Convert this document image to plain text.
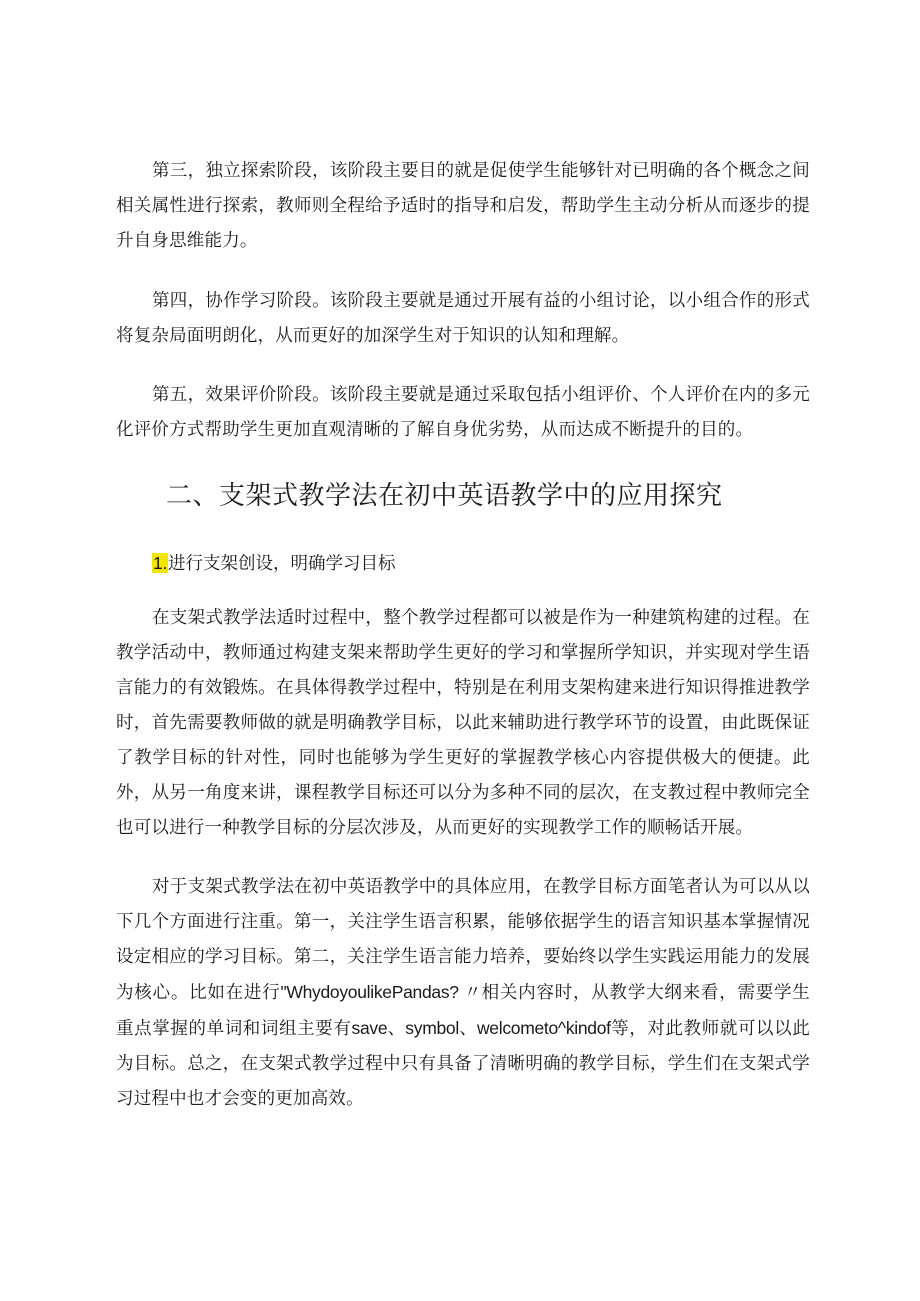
第三，独立探索阶段，该阶段主要目的就是促使学生能够针对已明确的各个概念之间相关属性进行探索，教师则全程给予适时的指导和启发，帮助学生主动分析从而逐步的提升自身思维能力。

第四，协作学习阶段。该阶段主要就是通过开展有益的小组讨论，以小组合作的形式将复杂局面明朗化，从而更好的加深学生对于知识的认知和理解。

第五，效果评价阶段。该阶段主要就是通过采取包括小组评价、个人评价在内的多元化评价方式帮助学生更加直观清晰的了解自身优劣势，从而达成不断提升的目的。

二、支架式教学法在初中英语教学中的应用探究

1.进行支架创设，明确学习目标

在支架式教学法适时过程中，整个教学过程都可以被是作为一种建筑构建的过程。在教学活动中，教师通过构建支架来帮助学生更好的学习和掌握所学知识，并实现对学生语言能力的有效锻炼。在具体得教学过程中，特别是在利用支架构建来进行知识得推进教学时，首先需要教师做的就是明确教学目标，以此来辅助进行教学环节的设置，由此既保证了教学目标的针对性，同时也能够为学生更好的掌握教学核心内容提供极大的便捷。此外，从另一角度来讲，课程教学目标还可以分为多种不同的层次，在支教过程中教师完全也可以进行一种教学目标的分层次涉及，从而更好的实现教学工作的顺畅话开展。

对于支架式教学法在初中英语教学中的具体应用，在教学目标方面笔者认为可以从以下几个方面进行注重。第一，关注学生语言积累，能够依据学生的语言知识基本掌握情况设定相应的学习目标。第二，关注学生语言能力培养，要始终以学生实践运用能力的发展为核心。比如在进行"WhydoyoulikePandas? 〃相关内容时，从教学大纲来看，需要学生重点掌握的单词和词组主要有save、symbol、welcometo^kindof等，对此教师就可以以此为目标。总之，在支架式教学过程中只有具备了清晰明确的教学目标，学生们在支架式学习过程中也才会变的更加高效。
